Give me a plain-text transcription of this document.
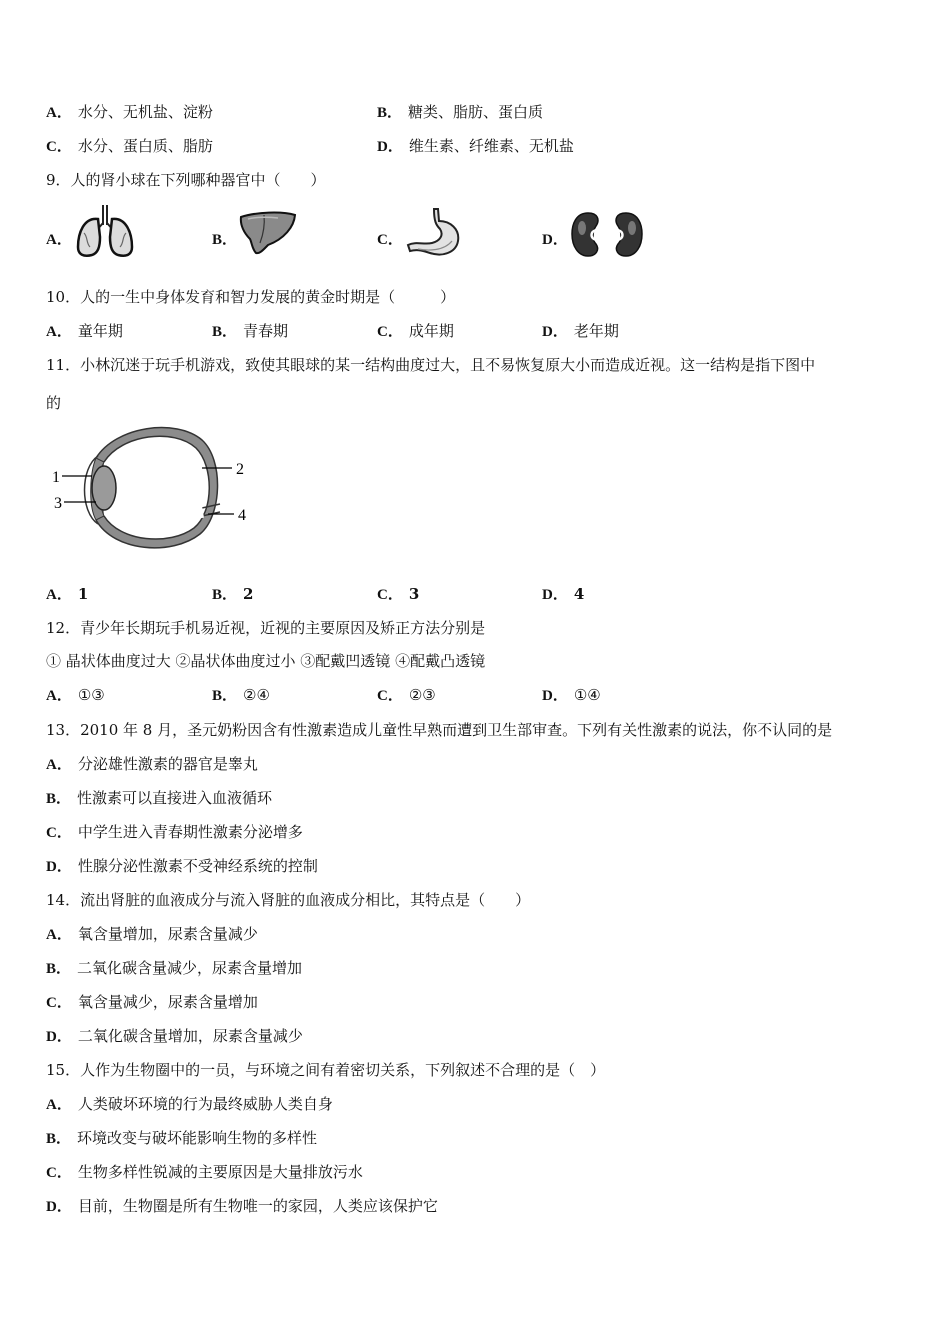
A． 水分、无机盐、淀粉	B． 糖类、脂肪、蛋白质
C． 水分、蛋白质、脂肪	D． 维生素、纤维素、无机盐
9．人的肾小球在下列哪种器官中（　　）
A．	B．	C．	D．
10．人的一生中身体发育和智力发展的黄金时期是（　　　）
A． 童年期	B． 青春期	C． 成年期	D． 老年期
11．小林沉迷于玩手机游戏，致使其眼球的某一结构曲度过大，且不易恢复原大小而造成近视。这一结构是指下图中
的
1
3
2
4
A． 1	B． 2	C． 3	D． 4
12．青少年长期玩手机易近视，近视的主要原因及矫正方法分别是
① 晶状体曲度过大 ②晶状体曲度过小 ③配戴凹透镜 ④配戴凸透镜
A． ①③	B． ②④	C． ②③	D． ①④
13．2010 年 8 月，圣元奶粉因含有性激素造成儿童性早熟而遭到卫生部审查。下列有关性激素的说法，你不认同的是
A． 分泌雄性激素的器官是睾丸
B． 性激素可以直接进入血液循环
C． 中学生进入青春期性激素分泌增多
D． 性腺分泌性激素不受神经系统的控制
14．流出肾脏的血液成分与流入肾脏的血液成分相比，其特点是（　　）
A． 氧含量增加，尿素含量减少
B． 二氧化碳含量减少，尿素含量增加
C． 氧含量减少，尿素含量增加
D． 二氧化碳含量增加，尿素含量减少
15．人作为生物圈中的一员，与环境之间有着密切关系，下列叙述不合理的是（　）
A． 人类破坏环境的行为最终威胁人类自身
B． 环境改变与破坏能影响生物的多样性
C． 生物多样性锐减的主要原因是大量排放污水
D． 目前，生物圈是所有生物唯一的家园，人类应该保护它
